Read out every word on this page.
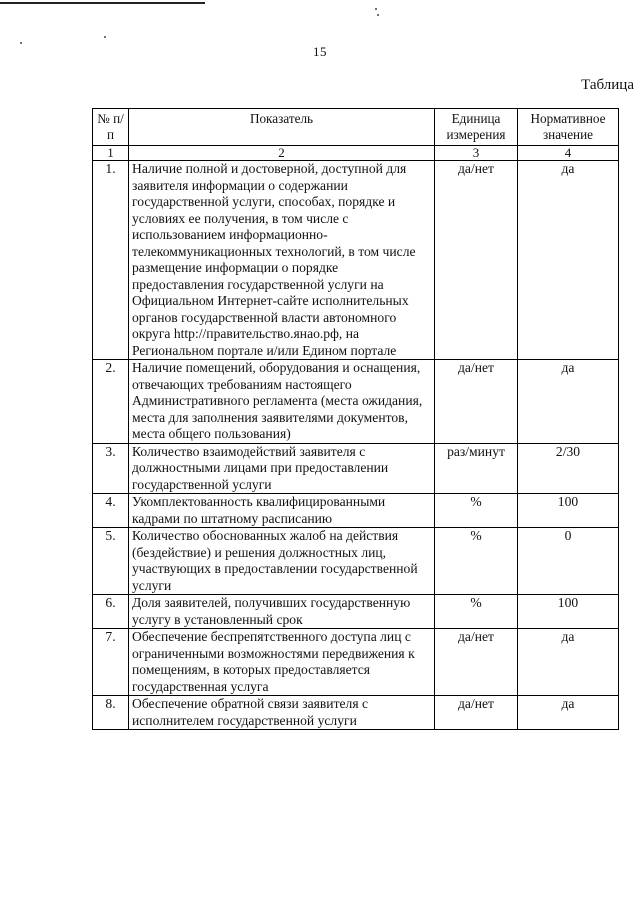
15
Таблица
№ п/п	Показатель	Единица измерения	Нормативное значение

1	2	3	4
1.	Наличие полной и достоверной, доступной для заявителя информации о содержании государственной услуги, способах, порядке и условиях ее получения, в том числе с использованием информационно-телекоммуникационных технологий, в том числе размещение информации о порядке предоставления государственной услуги на Официальном Интернет-сайте исполнительных органов государственной власти автономного округа http://правительство.янао.рф, на Региональном портале и/или Едином портале	да/нет	да
2.	Наличие помещений, оборудования и оснащения, отвечающих требованиям настоящего Административного регламента (места ожидания, места для заполнения заявителями документов, места общего пользования)	да/нет	да
3.	Количество взаимодействий заявителя с должностными лицами при предоставлении государственной услуги	раз/минут	2/30
4.	Укомплектованность квалифицированными кадрами по штатному расписанию	%	100
5.	Количество обоснованных жалоб на действия (бездействие) и решения должностных лиц, участвующих в предоставлении государственной услуги	%	0
6.	Доля заявителей, получивших государственную услугу в установленный срок	%	100
7.	Обеспечение беспрепятственного доступа лиц с ограниченными возможностями передвижения к помещениям, в которых предоставляется государственная услуга	да/нет	да
8.	Обеспечение обратной связи заявителя с исполнителем государственной услуги	да/нет	да
